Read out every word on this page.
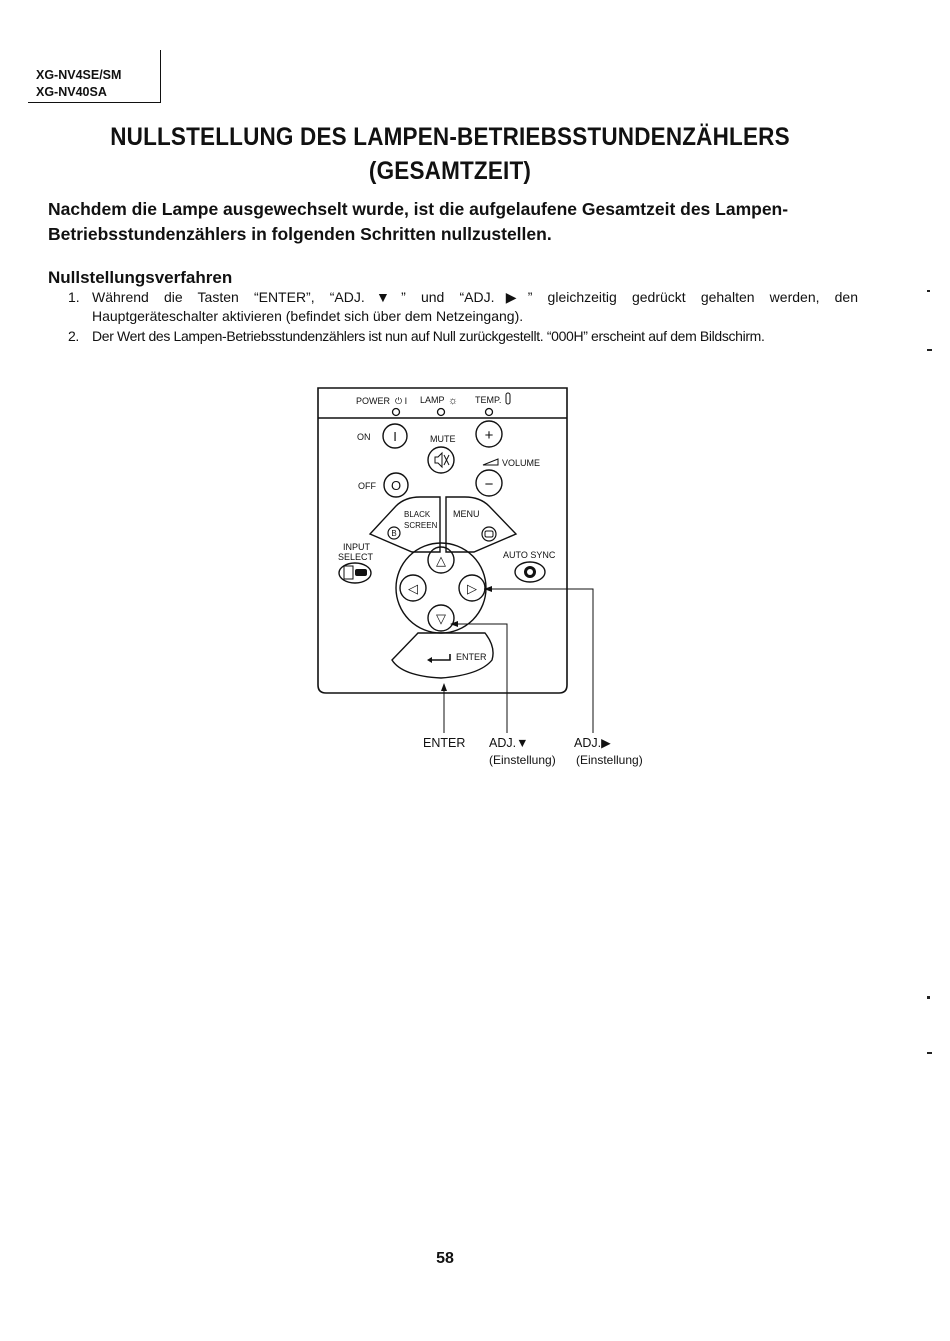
XG-NV4SE/SM
XG-NV40SA
NULLSTELLUNG DES LAMPEN-BETRIEBSSTUNDENZÄHLERS
(GESAMTZEIT)

Nachdem die Lampe ausgewechselt wurde, ist die aufgelaufene Gesamtzeit des Lampen-Betriebsstundenzählers in folgenden Schritten nullzustellen.

Nullstellungsverfahren
1. Während die Tasten “ENTER”, “ADJ.▼” und “ADJ.▶” gleichzeitig gedrückt gehalten werden, den
Hauptgeräteschalter aktivieren (befindet sich über dem Netzeingang).
2. Der Wert des Lampen-Betriebsstundenzählers ist nun auf Null zurückgestellt. “000H” erscheint auf dem Bildschirm.
POWER ⏻ I LAMP ☼ TEMP.
ON I
OFF O
MUTE +
VOLUME
−
BLACK
SCREEN
B
MENU
INPUT
SELECT	AUTO SYNC
△
◁	▷
▽
ENTER
ENTER ADJ.▼	ADJ.▶
(Einstellung) (Einstellung)
58
